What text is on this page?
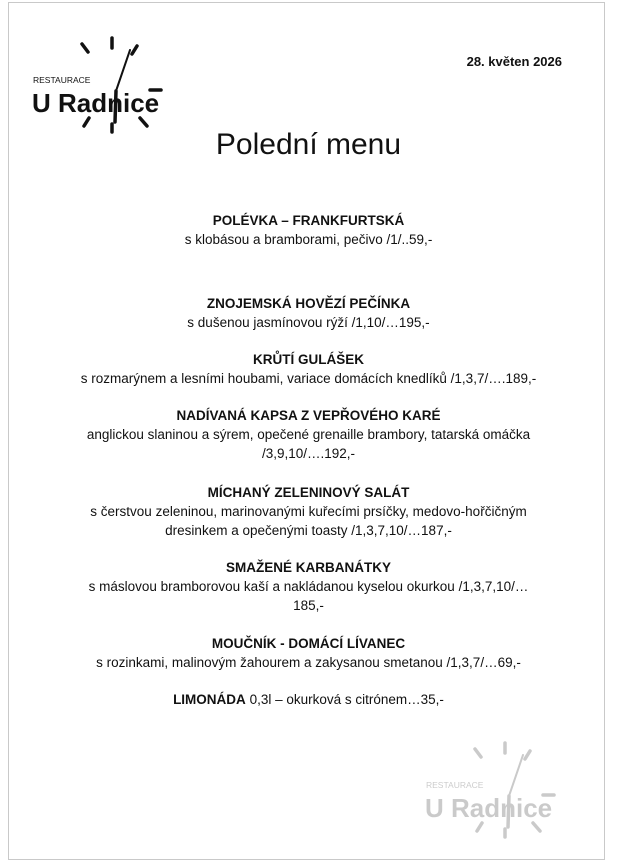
RESTAURACE
U Radnice
28. květen 2026
Polední menu
POLÉVKA – FRANKFURTSKÁ
s klobásou a bramborami, pečivo /1/..59,-
ZNOJEMSKÁ HOVĚZÍ PEČÍNKA
s dušenou jasmínovou rýží /1,10/…195,-
KRŮTÍ GULÁŠEK
s rozmarýnem a lesními houbami, variace domácích knedlíků /1,3,7/….189,-
NADÍVANÁ KAPSA Z VEPŘOVÉHO KARÉ
anglickou slaninou a sýrem, opečené grenaille brambory, tatarská omáčka /3,9,10/….192,-
MÍCHANÝ ZELENINOVÝ SALÁT
s čerstvou zeleninou, marinovanými kuřecími prsíčky, medovo-hořčičným dresinkem a opečenými toasty /1,3,7,10/…187,-
SMAŽENÉ KARBANÁTKY
s máslovou bramborovou kaší a nakládanou kyselou okurkou /1,3,7,10/…185,-
MOUČNÍK - DOMÁCÍ LÍVANEC
s rozinkami, malinovým žahourem a zakysanou smetanou /1,3,7/…69,-
LIMONÁDA 0,3l – okurková s citrónem…35,-
RESTAURACE
U Radnice
